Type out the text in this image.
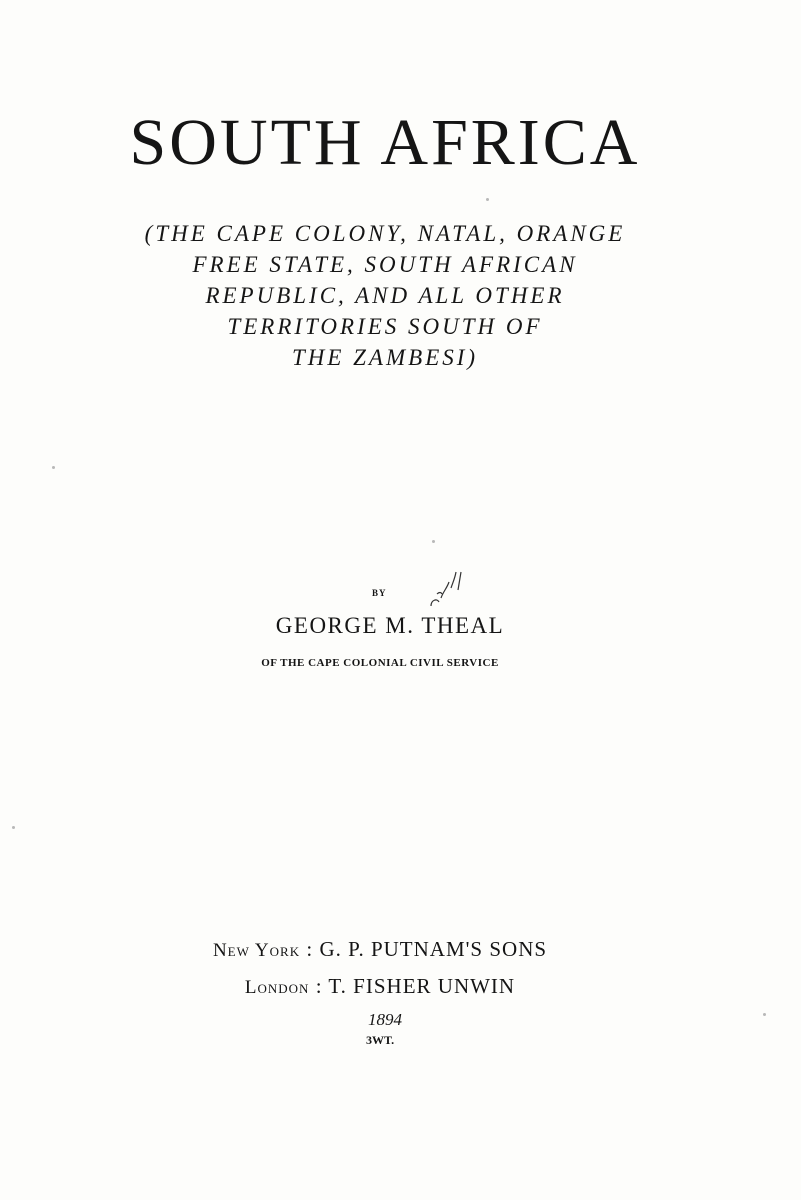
SOUTH AFRICA
(THE CAPE COLONY, NATAL, ORANGE
FREE STATE, SOUTH AFRICAN
REPUBLIC, AND ALL OTHER
TERRITORIES SOUTH OF
THE ZAMBESI)
BY
GEORGE M. THEAL
OF THE CAPE COLONIAL CIVIL SERVICE
New York : G. P. PUTNAM'S SONS
London : T. FISHER UNWIN
1894
3WT.
